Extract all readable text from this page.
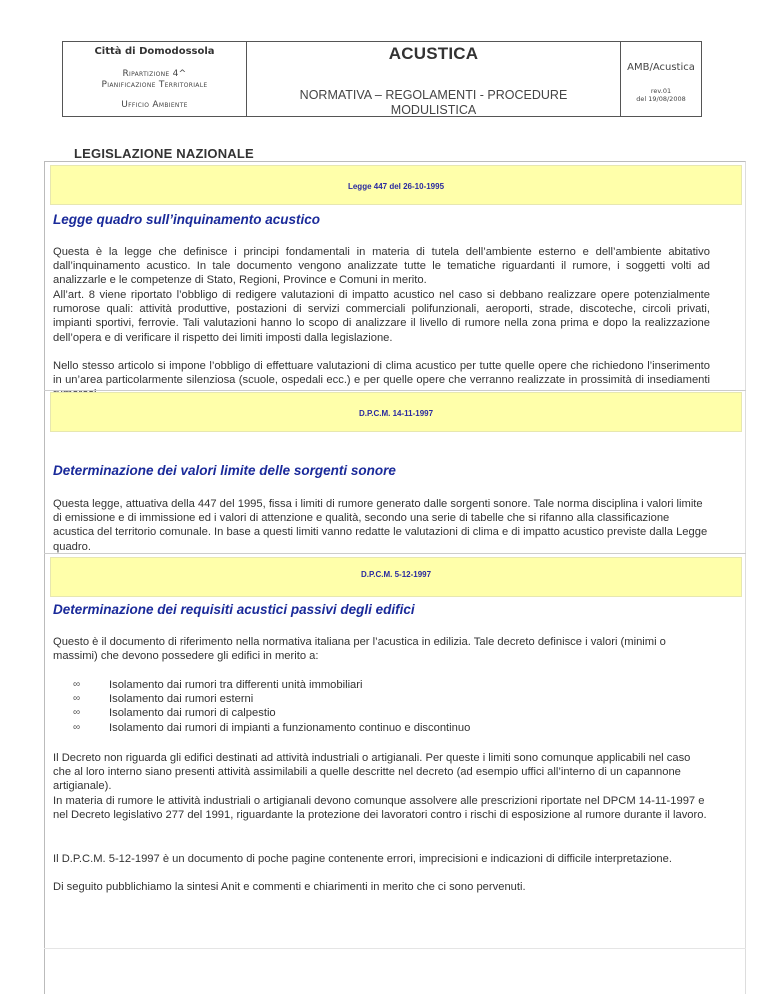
Città di Domodossola
Ripartizione 4^
Pianificazione Territoriale
Ufficio Ambiente
ACUSTICA
NORMATIVA – REGOLAMENTI - PROCEDURE
MODULISTICA
AMB/Acustica
rev.01
del 19/08/2008
LEGISLAZIONE NAZIONALE
Legge 447 del 26-10-1995
Legge quadro sull’inquinamento acustico

Questa è la legge che definisce i principi fondamentali in materia di tutela dell’ambiente esterno e dell’ambiente abitativo dall’inquinamento acustico. In tale documento vengono analizzate tutte le tematiche riguardanti il rumore, i soggetti volti ad analizzarle e le competenze di Stato, Regioni, Province e Comuni in merito.

All’art. 8 viene riportato l’obbligo di redigere valutazioni di impatto acustico nel caso si debbano realizzare opere potenzialmente rumorose quali: attività produttive, postazioni di servizi commerciali polifunzionali, aeroporti, strade, discoteche, circoli privati, impianti sportivi, ferrovie. Tali valutazioni hanno lo scopo di analizzare il livello di rumore nella zona prima e dopo la realizzazione dell’opera e di verificare il rispetto dei limiti imposti dalla legislazione.

Nello stesso articolo si impone l’obbligo di effettuare valutazioni di clima acustico per tutte quelle opere che richiedono l’inserimento in un’area particolarmente silenziosa (scuole, ospedali ecc.) e per quelle opere che verranno realizzate in prossimità di insediamenti

D.P.C.M. 14-11-1997
Determinazione dei valori limite delle sorgenti sonore

Questa legge, attuativa della 447 del 1995, fissa i limiti di rumore generato dalle sorgenti sonore. Tale norma disciplina i valori limite di emissione e di immissione ed i valori di attenzione e qualità, secondo una serie di tabelle che si rifanno alla classificazione acustica del territorio comunale. In base a questi limiti vanno redatte le valutazioni di clima e di impatto acustico previste dalla Legge quadro.

D.P.C.M. 5-12-1997
Determinazione dei requisiti acustici passivi degli edifici

Questo è il documento di riferimento nella normativa italiana per l’acustica in edilizia. Tale decreto definisce i valori (minimi o massimi) che devono possedere gli edifici in merito a:

∞	Isolamento dai rumori tra differenti unità immobiliari
∞	Isolamento dai rumori esterni
∞	Isolamento dai rumori di calpestio
∞	Isolamento dai rumori di impianti a funzionamento continuo e discontinuo

Il Decreto non riguarda gli edifici destinati ad attività industriali o artigianali. Per queste i limiti sono comunque applicabili nel caso che al loro interno siano presenti attività assimilabili a quelle descritte nel decreto (ad esempio uffici all’interno di un capannone artigianale).

In materia di rumore le attività industriali o artigianali devono comunque assolvere alle prescrizioni riportate nel DPCM 14-11-1997 e nel Decreto legislativo 277 del 1991, riguardante la protezione dei lavoratori contro i rischi di esposizione al rumore durante il lavoro.

Il D.P.C.M. 5-12-1997 è un documento di poche pagine contenente errori, imprecisioni e indicazioni di difficile interpretazione.

Di seguito pubblichiamo la sintesi Anit e commenti e chiarimenti in merito che ci sono pervenuti.
